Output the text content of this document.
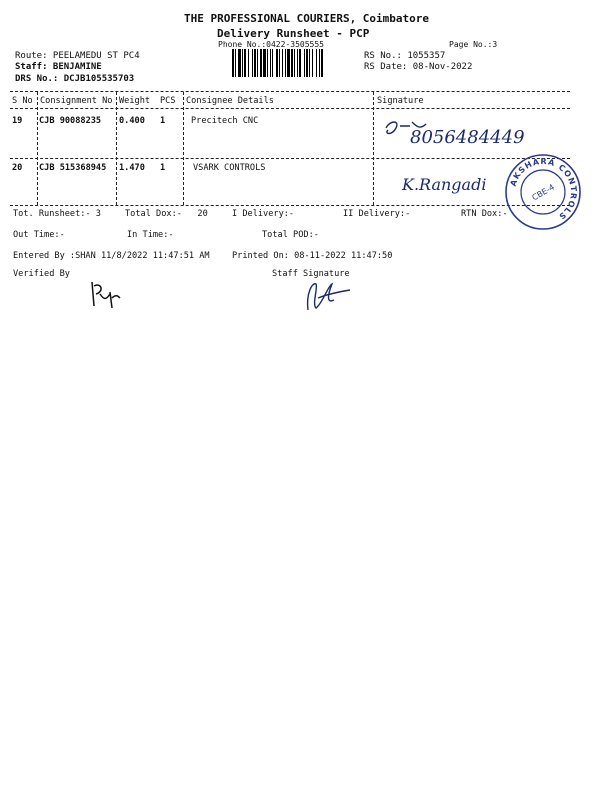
THE PROFESSIONAL COURIERS, Coimbatore
Delivery Runsheet - PCP
Phone No.:0422-3505555	Page No.:3
Route: PEELAMEDU ST PC4
Staff: BENJAMINE
DRS No.: DCJB105535703
RS No.: 1055357
RS Date: 08-Nov-2022
S No Consignment No Weight PCS Consignee Details	Signature
19 CJB 90088235 0.400 1	Precitech CNC
8056484449
20 CJB 515368945 1.470 1	VSARK CONTROLS
K.Rangadi	AKSHARA CONTROLS
CBE-4
Tot. Runsheet:- 3	Total Dox:-   20	I Delivery:-	II Delivery:-	RTN Dox:-
Out Time:-	In Time:-	Total POD:-
Entered By :SHAN 11/8/2022 11:47:51 AM	Printed On: 08-11-2022 11:47:50
Verified By	Staff Signature
